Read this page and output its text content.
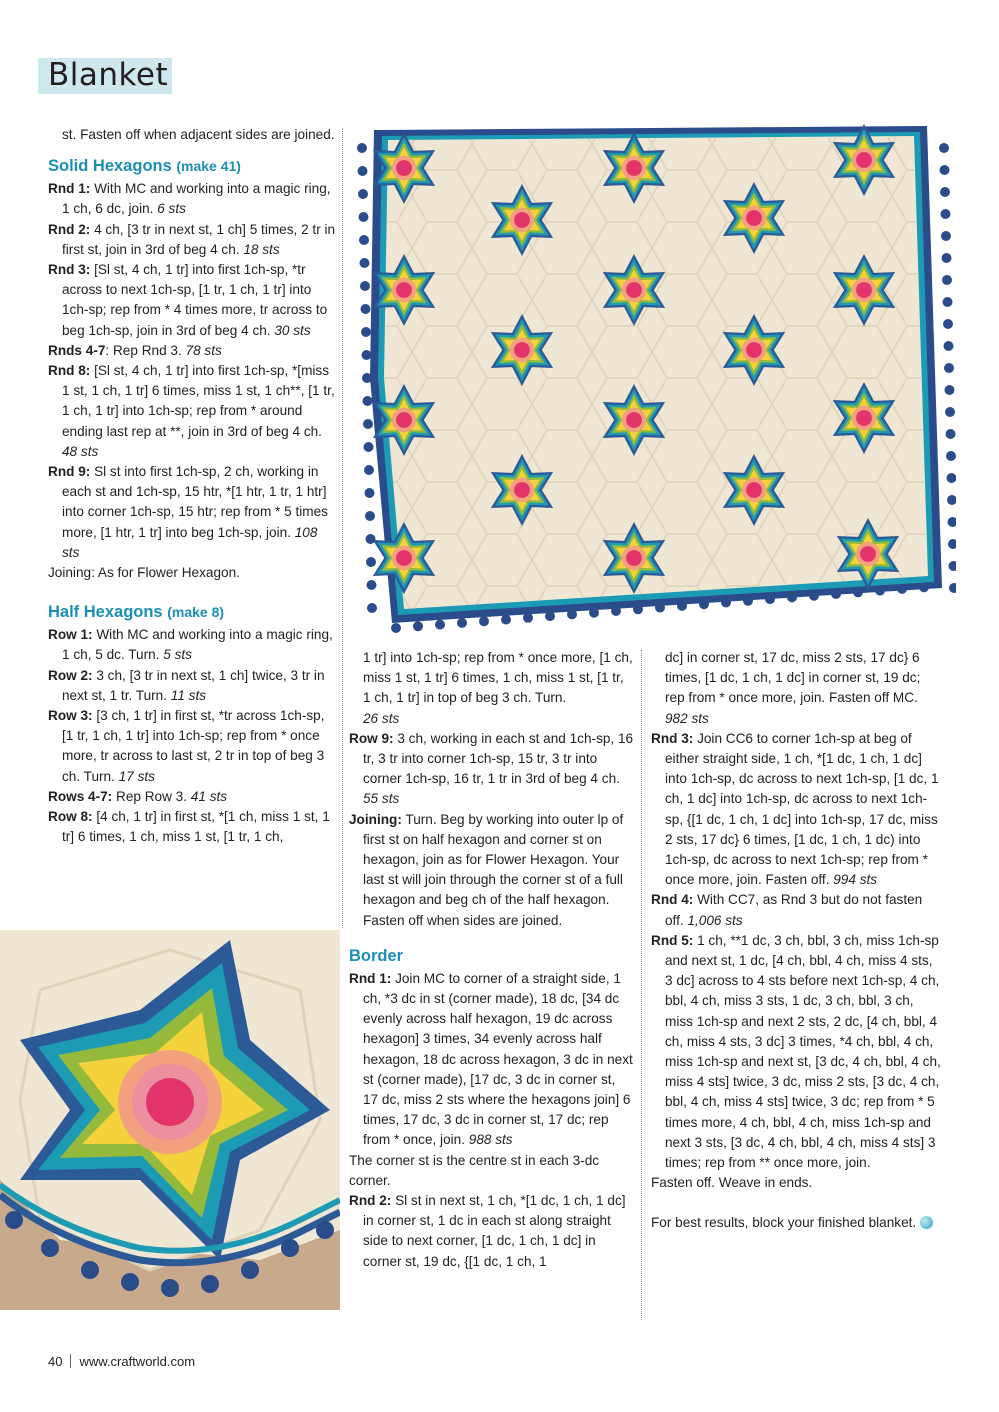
Blanket

st. Fasten off when adjacent sides are joined.

Solid Hexagons (make 41)

Rnd 1: With MC and working into a magic ring, 1 ch, 6 dc, join. 6 sts

Rnd 2: 4 ch, [3 tr in next st, 1 ch] 5 times, 2 tr in first st, join in 3rd of beg 4 ch. 18 sts

Rnd 3: [Sl st, 4 ch, 1 tr] into first 1ch-sp, *tr across to next 1ch-sp, [1 tr, 1 ch, 1 tr] into 1ch-sp; rep from * 4 times more, tr across to beg 1ch-sp, join in 3rd of beg 4 ch. 30 sts

Rnds 4-7: Rep Rnd 3. 78 sts

Rnd 8: [Sl st, 4 ch, 1 tr] into first 1ch-sp, *[miss 1 st, 1 ch, 1 tr] 6 times, miss 1 st, 1 ch**, [1 tr, 1 ch, 1 tr] into 1ch-sp; rep from * around ending last rep at **, join in 3rd of beg 4 ch. 48 sts

Rnd 9: Sl st into first 1ch-sp, 2 ch, working in each st and 1ch-sp, 15 htr, *[1 htr, 1 tr, 1 htr] into corner 1ch-sp, 15 htr; rep from * 5 times more, [1 htr, 1 tr] into beg 1ch-sp, join. 108 sts

Joining: As for Flower Hexagon.

Half Hexagons (make 8)

Row 1: With MC and working into a magic ring, 1 ch, 5 dc. Turn. 5 sts

Row 2: 3 ch, [3 tr in next st, 1 ch] twice, 3 tr in next st, 1 tr. Turn. 11 sts

Row 3: [3 ch, 1 tr] in first st, *tr across 1ch-sp, [1 tr, 1 ch, 1 tr] into 1ch-sp; rep from * once more, tr across to last st, 2 tr in top of beg 3 ch. Turn. 17 sts

Rows 4-7: Rep Row 3. 41 sts

Row 8: [4 ch, 1 tr] in first st, *[1 ch, miss 1 st, 1 tr] 6 times, 1 ch, miss 1 st, [1 tr, 1 ch,

1 tr] into 1ch-sp; rep from * once more, [1 ch, miss 1 st, 1 tr] 6 times, 1 ch, miss 1 st, [1 tr, 1 ch, 1 tr] in top of beg 3 ch. Turn.
26 sts

Row 9: 3 ch, working in each st and 1ch-sp, 16 tr, 3 tr into corner 1ch-sp, 15 tr, 3 tr into corner 1ch-sp, 16 tr, 1 tr in 3rd of beg 4 ch. 55 sts

Joining: Turn. Beg by working into outer lp of first st on half hexagon and corner st on hexagon, join as for Flower Hexagon. Your last st will join through the corner st of a full hexagon and beg ch of the half hexagon. Fasten off when sides are joined.

Border

Rnd 1: Join MC to corner of a straight side, 1 ch, *3 dc in st (corner made), 18 dc, [34 dc evenly across half hexagon, 19 dc across hexagon] 3 times, 34 evenly across half hexagon, 18 dc across hexagon, 3 dc in next st (corner made), [17 dc, 3 dc in corner st, 17 dc, miss 2 sts where the hexagons join] 6 times, 17 dc, 3 dc in corner st, 17 dc; rep from * once, join. 988 sts

The corner st is the centre st in each 3-dc corner.

Rnd 2: Sl st in next st, 1 ch, *[1 dc, 1 ch, 1 dc] in corner st, 1 dc in each st along straight side to next corner, [1 dc, 1 ch, 1 dc] in corner st, 19 dc, {[1 dc, 1 ch, 1

dc] in corner st, 17 dc, miss 2 sts, 17 dc} 6 times, [1 dc, 1 ch, 1 dc] in corner st, 19 dc; rep from * once more, join. Fasten off MC. 982 sts

Rnd 3: Join CC6 to corner 1ch-sp at beg of either straight side, 1 ch, *[1 dc, 1 ch, 1 dc] into 1ch-sp, dc across to next 1ch-sp, [1 dc, 1 ch, 1 dc] into 1ch-sp, dc across to next 1ch-sp, {[1 dc, 1 ch, 1 dc] into 1ch-sp, 17 dc, miss 2 sts, 17 dc} 6 times, [1 dc, 1 ch, 1 dc) into 1ch-sp, dc across to next 1ch-sp; rep from * once more, join. Fasten off. 994 sts

Rnd 4: With CC7, as Rnd 3 but do not fasten off. 1,006 sts

Rnd 5: 1 ch, **1 dc, 3 ch, bbl, 3 ch, miss 1ch-sp and next st, 1 dc, [4 ch, bbl, 4 ch, miss 4 sts, 3 dc] across to 4 sts before next 1ch-sp, 4 ch, bbl, 4 ch, miss 3 sts, 1 dc, 3 ch, bbl, 3 ch, miss 1ch-sp and next 2 sts, 2 dc, [4 ch, bbl, 4 ch, miss 4 sts, 3 dc] 3 times, *4 ch, bbl, 4 ch, miss 1ch-sp and next st, [3 dc, 4 ch, bbl, 4 ch, miss 4 sts] twice, 3 dc, miss 2 sts, [3 dc, 4 ch, bbl, 4 ch, miss 4 sts] twice, 3 dc; rep from * 5 times more, 4 ch, bbl, 4 ch, miss 1ch-sp and next 3 sts, [3 dc, 4 ch, bbl, 4 ch, miss 4 sts] 3 times; rep from ** once more, join.

Fasten off. Weave in ends.

For best results, block your finished blanket.

40 www.craftworld.com
